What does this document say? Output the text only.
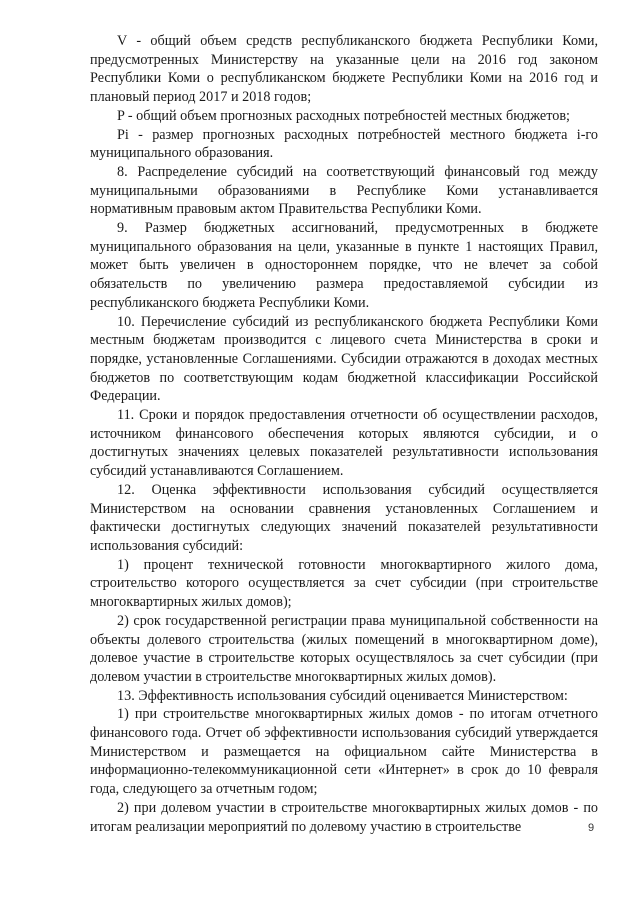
V - общий объем средств республиканского бюджета Республики Коми, предусмотренных Министерству на указанные цели на 2016 год законом Республики Коми о республиканском бюджете Республики Коми на 2016 год и плановый период 2017 и 2018 годов;

P - общий объем прогнозных расходных потребностей местных бюджетов;

Pi - размер прогнозных расходных потребностей местного бюджета i-го муниципального образования.

8. Распределение субсидий на соответствующий финансовый год между муниципальными образованиями в Республике Коми устанавливается нормативным правовым актом Правительства Республики Коми.

9. Размер бюджетных ассигнований, предусмотренных в бюджете муниципального образования на цели, указанные в пункте 1 настоящих Правил, может быть увеличен в одностороннем порядке, что не влечет за собой обязательств по увеличению размера предоставляемой субсидии из республиканского бюджета Республики Коми.

10. Перечисление субсидий из республиканского бюджета Республики Коми местным бюджетам производится с лицевого счета Министерства в сроки и порядке, установленные Соглашениями. Субсидии отражаются в доходах местных бюджетов по соответствующим кодам бюджетной классификации Российской Федерации.

11. Сроки и порядок предоставления отчетности об осуществлении расходов, источником финансового обеспечения которых являются субсидии, и о достигнутых значениях целевых показателей результативности использования субсидий устанавливаются Соглашением.

12. Оценка эффективности использования субсидий осуществляется Министерством на основании сравнения установленных Соглашением и фактически достигнутых следующих значений показателей результативности использования субсидий:

1) процент технической готовности многоквартирного жилого дома, строительство которого осуществляется за счет субсидии (при строительстве многоквартирных жилых домов);

2) срок государственной регистрации права муниципальной собственности на объекты долевого строительства (жилых помещений в многоквартирном доме), долевое участие в строительстве которых осуществлялось за счет субсидии (при долевом участии в строительстве многоквартирных жилых домов).

13. Эффективность использования субсидий оценивается Министерством:

1) при строительстве многоквартирных жилых домов - по итогам отчетного финансового года. Отчет об эффективности использования субсидий утверждается Министерством и размещается на официальном сайте Министерства в информационно-телекоммуникационной сети «Интернет» в срок до 10 февраля года, следующего за отчетным годом;

2) при долевом участии в строительстве многоквартирных жилых домов - по итогам реализации мероприятий по долевому участию в строительстве	9
